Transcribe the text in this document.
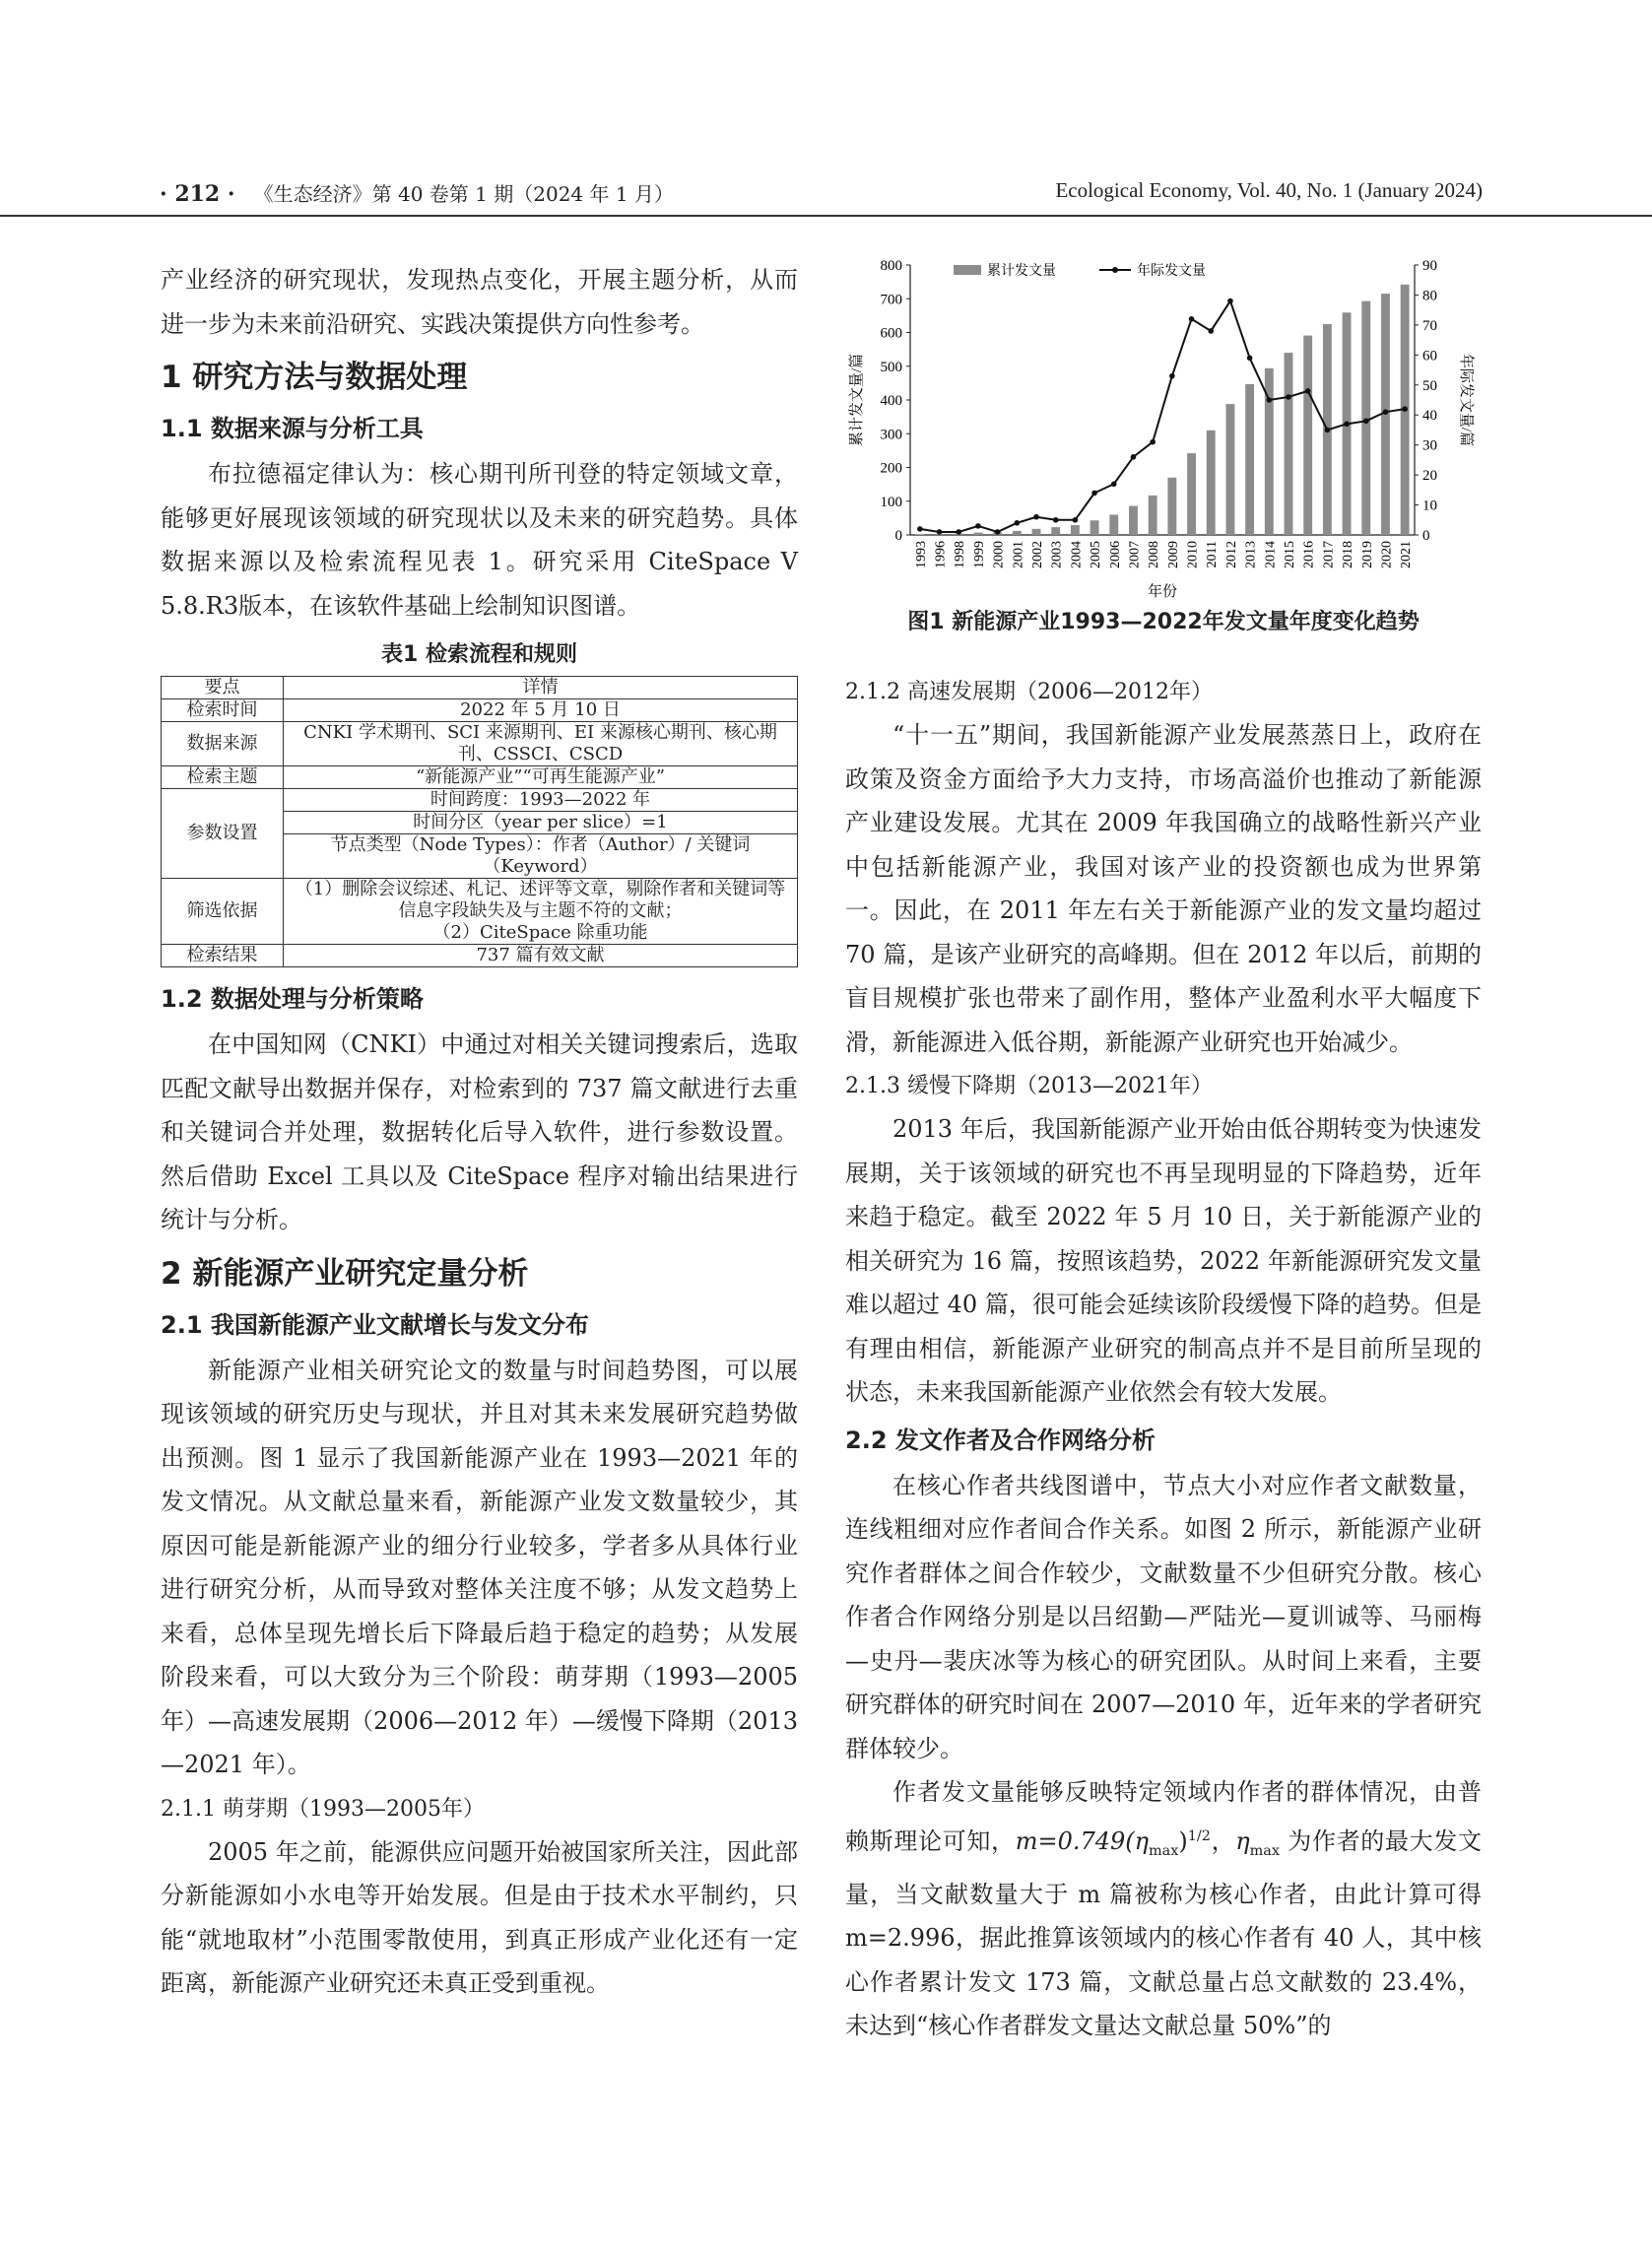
· 212 · 《生态经济》第 40 卷第 1 期（2024 年 1 月）	Ecological Economy, Vol. 40, No. 1 (January 2024)

产业经济的研究现状，发现热点变化，开展主题分析，从而进一步为未来前沿研究、实践决策提供方向性参考。

1 研究方法与数据处理
1.1 数据来源与分析工具

布拉德福定律认为：核心期刊所刊登的特定领域文章，能够更好展现该领域的研究现状以及未来的研究趋势。具体数据来源以及检索流程见表 1。研究采用 CiteSpace V 5.8.R3版本，在该软件基础上绘制知识图谱。

表1 检索流程和规则
要点	详情
检索时间	2022 年 5 月 10 日
数据来源	CNKI 学术期刊、SCI 来源期刊、EI 来源核心期刊、核心期刊、CSSCI、CSCD
检索主题	“新能源产业”“可再生能源产业”
参数设置	时间跨度：1993—2022 年
	时间分区（year per slice）=1
	节点类型（Node Types）：作者（Author）/ 关键词（Keyword）
筛选依据	（1）删除会议综述、札记、述评等文章，剔除作者和关键词等信息字段缺失及与主题不符的文献；
（2）CiteSpace 除重功能

检索结果	737 篇有效文献
1.2 数据处理与分析策略

在中国知网（CNKI）中通过对相关关键词搜索后，选取匹配文献导出数据并保存，对检索到的 737 篇文献进行去重和关键词合并处理，数据转化后导入软件，进行参数设置。然后借助 Excel 工具以及 CiteSpace 程序对输出结果进行统计与分析。

2 新能源产业研究定量分析
2.1 我国新能源产业文献增长与发文分布

新能源产业相关研究论文的数量与时间趋势图，可以展现该领域的研究历史与现状，并且对其未来发展研究趋势做出预测。图 1 显示了我国新能源产业在 1993—2021 年的发文情况。从文献总量来看，新能源产业发文数量较少，其原因可能是新能源产业的细分行业较多，学者多从具体行业进行研究分析，从而导致对整体关注度不够；从发文趋势上来看，总体呈现先增长后下降最后趋于稳定的趋势；从发展阶段来看，可以大致分为三个阶段：萌芽期（1993—2005 年）—高速发展期（2006—2012 年）—缓慢下降期（2013—2021 年）。

2.1.1 萌芽期（1993—2005年）

2005 年之前，能源供应问题开始被国家所关注，因此部分新能源如小水电等开始发展。但是由于技术水平制约，只能“就地取材”小范围零散使用，到真正形成产业化还有一定距离，新能源产业研究还未真正受到重视。

0
100
200
300
400
500
600
700
800
0
10
20
30
40
50
60
70
80
90
1993 1996 1998 1999 2000 2001 2002 2003 2004 2005 2006 2007 2008 2009 2010 2011 2012 2013 2014 2015 2016 2017 2018 2019 2020 2021
年份
累计发文量/篇	年际发文量/篇
累计发文量	年际发文量
图1 新能源产业1993—2022年发文量年度变化趋势
2.1.2 高速发展期（2006—2012年）

“十一五”期间，我国新能源产业发展蒸蒸日上，政府在政策及资金方面给予大力支持，市场高溢价也推动了新能源产业建设发展。尤其在 2009 年我国确立的战略性新兴产业中包括新能源产业，我国对该产业的投资额也成为世界第一。因此，在 2011 年左右关于新能源产业的发文量均超过 70 篇，是该产业研究的高峰期。但在 2012 年以后，前期的盲目规模扩张也带来了副作用，整体产业盈利水平大幅度下滑，新能源进入低谷期，新能源产业研究也开始减少。

2.1.3 缓慢下降期（2013—2021年）

2013 年后，我国新能源产业开始由低谷期转变为快速发展期，关于该领域的研究也不再呈现明显的下降趋势，近年来趋于稳定。截至 2022 年 5 月 10 日，关于新能源产业的相关研究为 16 篇，按照该趋势，2022 年新能源研究发文量难以超过 40 篇，很可能会延续该阶段缓慢下降的趋势。但是有理由相信，新能源产业研究的制高点并不是目前所呈现的状态，未来我国新能源产业依然会有较大发展。

2.2 发文作者及合作网络分析

在核心作者共线图谱中，节点大小对应作者文献数量，连线粗细对应作者间合作关系。如图 2 所示，新能源产业研究作者群体之间合作较少，文献数量不少但研究分散。核心作者合作网络分别是以吕绍勤—严陆光—夏训诚等、马丽梅—史丹—裴庆冰等为核心的研究团队。从时间上来看，主要研究群体的研究时间在 2007—2010 年，近年来的学者研究群体较少。

作者发文量能够反映特定领域内作者的群体情况，由普赖斯理论可知，$m=0.749(\eta_{max})^{1/2}$，$\eta_{max}$ 为作者的最大发文量，当文献数量大于 m 篇被称为核心作者，由此计算可得 m=2.996，据此推算该领域内的核心作者有 40 人，其中核心作者累计发文 173 篇，文献总量占总文献数的 23.4%，未达到“核心作者群发文量达文献总量 50%”的
